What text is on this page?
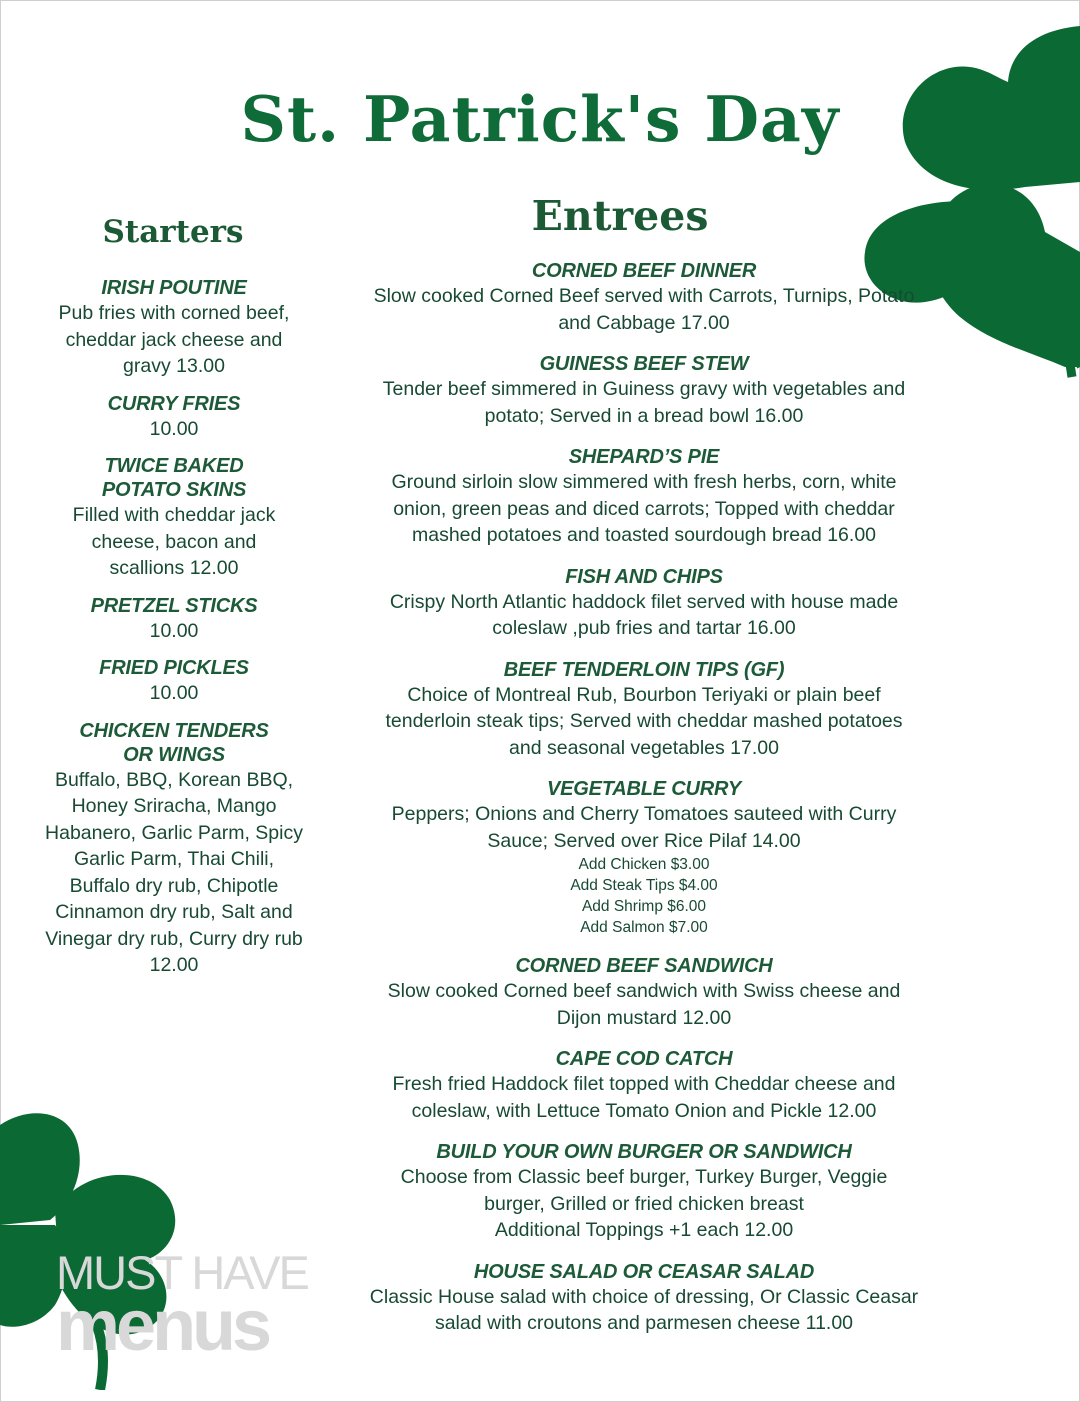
St. Patrick's Day
Starters	Entrees
IRISH POUTINE
Pub fries with corned beef, cheddar jack cheese and gravy 13.00
CURRY FRIES
10.00
TWICE BAKED POTATO SKINS
Filled with cheddar jack cheese, bacon and scallions 12.00
PRETZEL STICKS
10.00
FRIED PICKLES
10.00
CHICKEN TENDERS OR WINGS
Buffalo, BBQ, Korean BBQ, Honey Sriracha, Mango Habanero, Garlic Parm, Spicy Garlic Parm, Thai Chili, Buffalo dry rub, Chipotle Cinnamon dry rub, Salt and Vinegar dry rub, Curry dry rub 12.00
CORNED BEEF DINNER
Slow cooked Corned Beef served with Carrots, Turnips, Potato and Cabbage 17.00
GUINESS BEEF STEW
Tender beef simmered in Guiness gravy with vegetables and potato; Served in a bread bowl 16.00
SHEPARD’S PIE
Ground sirloin slow simmered with fresh herbs, corn, white onion, green peas and diced carrots; Topped with cheddar mashed potatoes and toasted sourdough bread 16.00
FISH AND CHIPS
Crispy North Atlantic haddock filet served with house made coleslaw ,pub fries and tartar 16.00
BEEF TENDERLOIN TIPS (GF)
Choice of Montreal Rub, Bourbon Teriyaki or plain beef tenderloin steak tips; Served with cheddar mashed potatoes and seasonal vegetables 17.00
VEGETABLE CURRY
Peppers; Onions and Cherry Tomatoes sauteed with Curry Sauce; Served over Rice Pilaf 14.00
Add Chicken $3.00
Add Steak Tips $4.00
Add Shrimp $6.00
Add Salmon $7.00
CORNED BEEF SANDWICH
Slow cooked Corned beef sandwich with Swiss cheese and Dijon mustard 12.00
CAPE COD CATCH
Fresh fried Haddock filet topped with Cheddar cheese and coleslaw, with Lettuce Tomato Onion and Pickle 12.00
BUILD YOUR OWN BURGER OR SANDWICH
Choose from Classic beef burger, Turkey Burger, Veggie burger, Grilled or fried chicken breast
Additional Toppings +1 each 12.00
HOUSE SALAD OR CEASAR SALAD
Classic House salad with choice of dressing, Or Classic Ceasar salad with croutons and parmesen cheese 11.00
MUST HAVE
menus
